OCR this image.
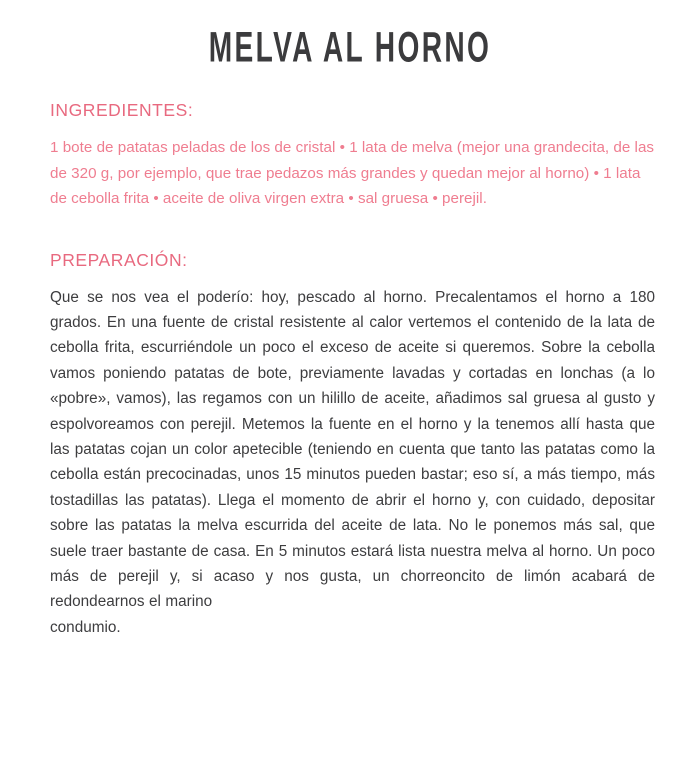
MELVA AL HORNO
INGREDIENTES:

1 bote de patatas peladas de los de cristal • 1 lata de melva (mejor una grandecita, de las de 320 g, por ejemplo, que trae pedazos más grandes y quedan mejor al horno) • 1 lata de cebolla frita • aceite de oliva virgen extra • sal gruesa • perejil.

PREPARACIÓN:

Que se nos vea el poderío: hoy, pescado al horno. Precalentamos el horno a 180 grados. En una fuente de cristal resistente al calor vertemos el contenido de la lata de cebolla frita, escurriéndole un poco el exceso de aceite si queremos. Sobre la cebolla vamos poniendo patatas de bote, previamente lavadas y cortadas en lonchas (a lo «pobre», vamos), las regamos con un hilillo de aceite, añadimos sal gruesa al gusto y espolvoreamos con perejil. Metemos la fuente en el horno y la tenemos allí hasta que las patatas cojan un color apetecible (teniendo en cuenta que tanto las patatas como la cebolla están precocinadas, unos 15 minutos pueden bastar; eso sí, a más tiempo, más tostadillas las patatas). Llega el momento de abrir el horno y, con cuidado, depositar sobre las patatas la melva escurrida del aceite de lata. No le ponemos más sal, que suele traer bastante de casa. En 5 minutos estará lista nuestra melva al horno. Un poco más de perejil y, si acaso y nos gusta, un chorreoncito de limón acabará de redondearnos el marino
condumio.
